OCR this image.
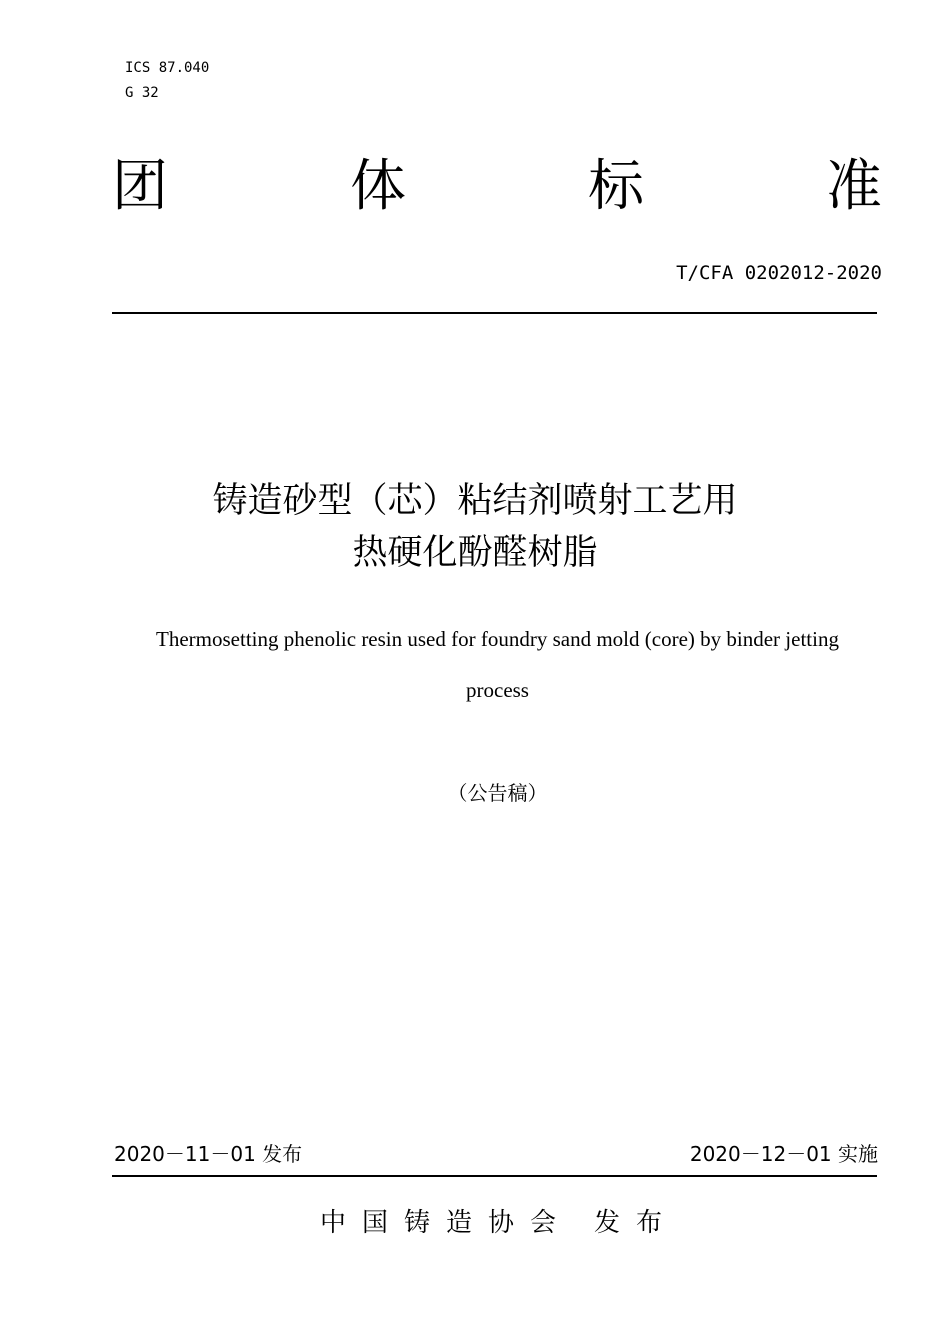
ICS 87.040
G 32
团	体	标	准
T/CFA 0202012-2020
铸造砂型（芯）粘结剂喷射工艺用
热硬化酚醛树脂
Thermosetting phenolic resin used for foundry sand mold (core) by binder jetting
process
（公告稿）
2020－11－01 发布	2020－12－01 实施
中国铸造协会 发布
